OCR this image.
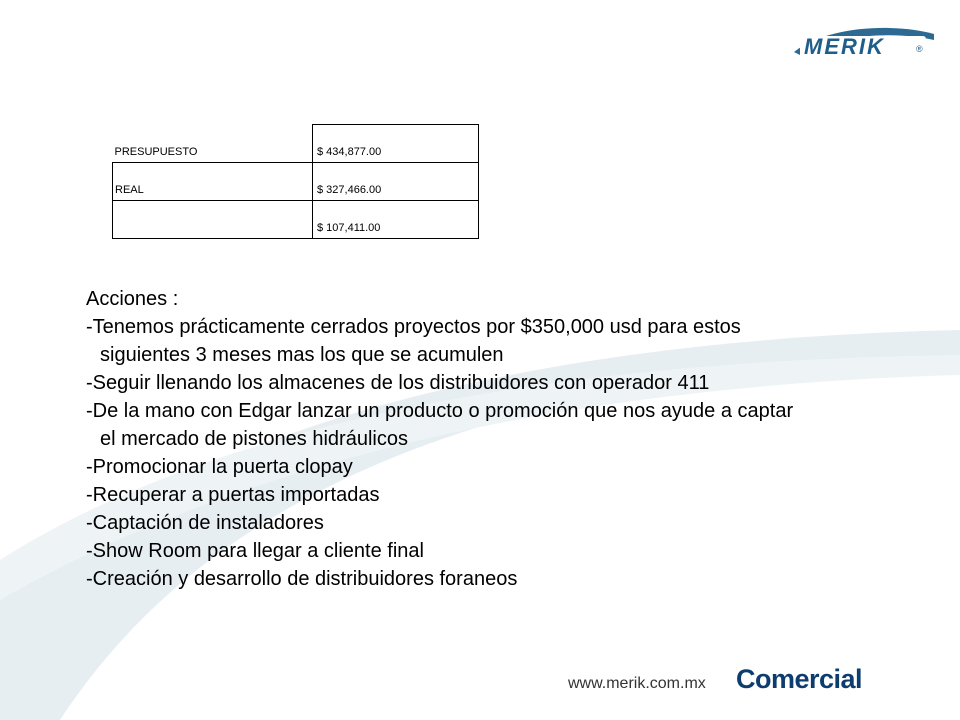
MERIK	®
PRESUPUESTO	$ 434,877.00
REAL	$ 327,466.00
	$ 107,411.00
Acciones :
-Tenemos prácticamente cerrados proyectos por $350,000 usd para estos
siguientes 3 meses mas los que se acumulen
-Seguir llenando los almacenes de los distribuidores con operador 411
-De la mano con Edgar lanzar un producto o promoción que nos ayude a captar
el mercado de pistones hidráulicos
-Promocionar la puerta clopay
-Recuperar a puertas importadas
-Captación de instaladores
-Show Room para llegar a cliente final
-Creación y desarrollo de distribuidores foraneos
www.merik.com.mx Comercial
